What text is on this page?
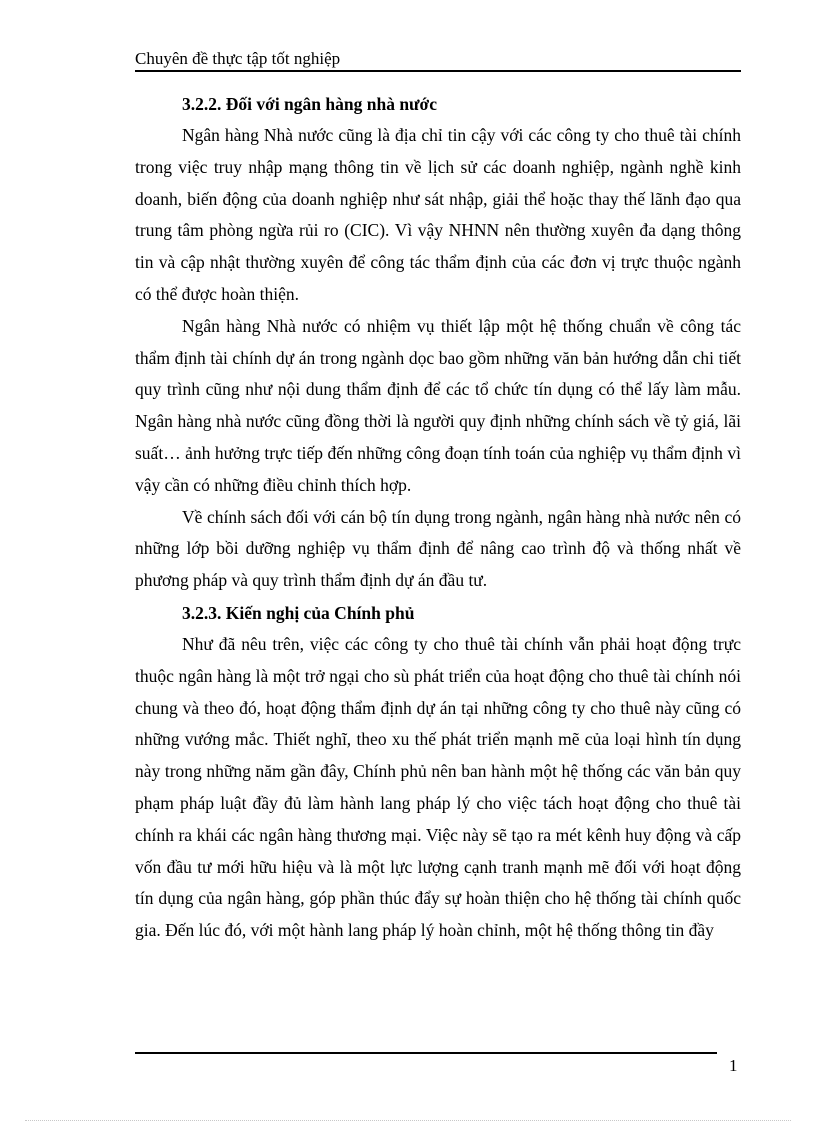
Chuyên đề thực tập tốt nghiệp
3.2.2. Đối với ngân hàng nhà nước

Ngân hàng Nhà nước cũng là địa chỉ tin cậy với các công ty cho thuê tài chính trong việc truy nhập mạng thông tin về lịch sử các doanh nghiệp, ngành nghề kinh doanh, biến động của doanh nghiệp như sát nhập, giải thể hoặc thay thế lãnh đạo qua trung tâm phòng ngừa rủi ro (CIC). Vì vậy NHNN nên thường xuyên đa dạng thông tin và cập nhật thường xuyên để công tác thẩm định của các đơn vị trực thuộc ngành có thể được hoàn thiện.

Ngân hàng Nhà nước có nhiệm vụ thiết lập một hệ thống chuẩn về công tác thẩm định tài chính dự án trong ngành dọc bao gồm những văn bản hướng dẫn chi tiết quy trình cũng như nội dung thẩm định để các tổ chức tín dụng có thể lấy làm mẫu. Ngân hàng nhà nước cũng đồng thời là người quy định những chính sách về tỷ giá, lãi suất… ảnh hưởng trực tiếp đến những công đoạn tính toán của nghiệp vụ thẩm định vì vậy cần có những điều chỉnh thích hợp.

Về chính sách đối với cán bộ tín dụng trong ngành, ngân hàng nhà nước nên có những lớp bồi dưỡng nghiệp vụ thẩm định để nâng cao trình độ và thống nhất về phương pháp và quy trình thẩm định dự án đầu tư.

3.2.3. Kiến nghị của Chính phủ

Như đã nêu trên, việc các công ty cho thuê tài chính vẫn phải hoạt động trực thuộc ngân hàng là một trở ngại cho sù phát triển của hoạt động cho thuê tài chính nói chung và theo đó, hoạt động thẩm định dự án tại những công ty cho thuê này cũng có những vướng mắc. Thiết nghĩ, theo xu thế phát triển mạnh mẽ của loại hình tín dụng này trong những năm gần đây, Chính phủ nên ban hành một hệ thống các văn bản quy phạm pháp luật đầy đủ làm hành lang pháp lý cho việc tách hoạt động cho thuê tài chính ra khái các ngân hàng thương mại. Việc này sẽ tạo ra mét kênh huy động và cấp vốn đầu tư mới hữu hiệu và là một lực lượng cạnh tranh mạnh mẽ đối với hoạt động tín dụng của ngân hàng, góp phần thúc đẩy sự hoàn thiện cho hệ thống tài chính quốc gia. Đến lúc đó, với một hành lang pháp lý hoàn chỉnh, một hệ thống thông tin đầy

1
